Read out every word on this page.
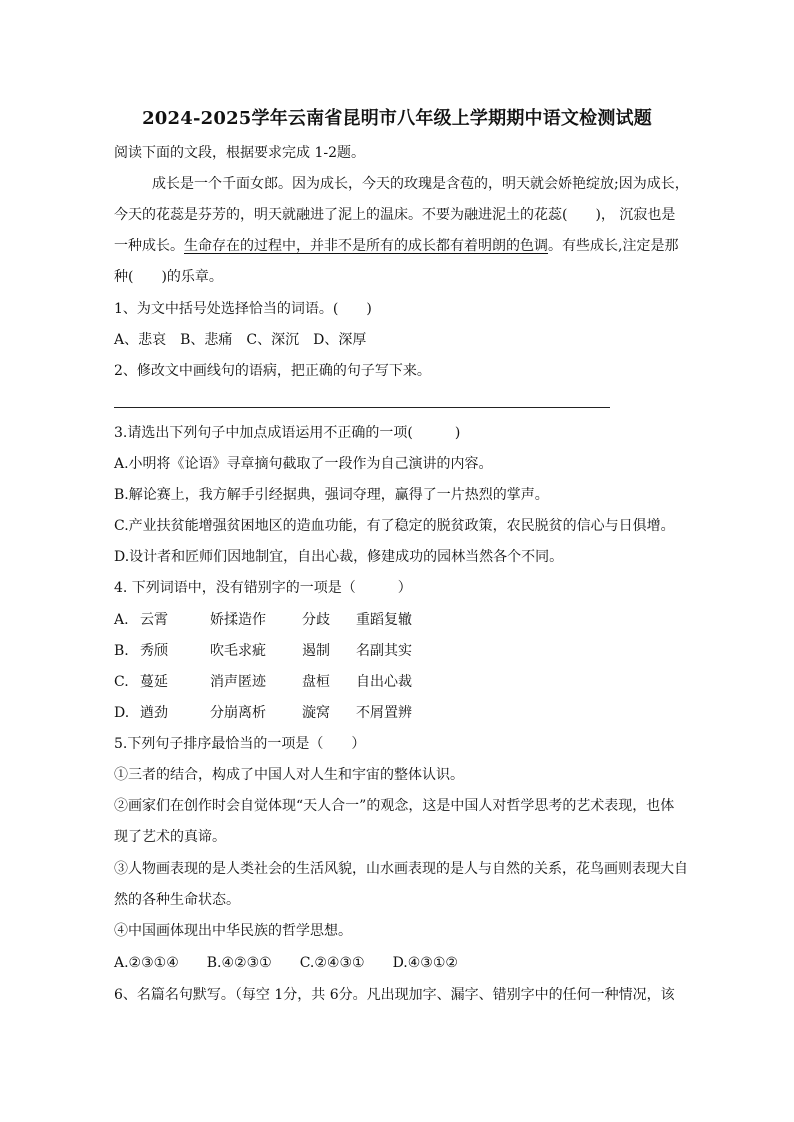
2024-2025学年云南省昆明市八年级上学期期中语文检测试题
阅读下面的文段，根据要求完成 1-2题。
成长是一个千面女郎。因为成长，今天的玫瑰是含苞的，明天就会娇艳绽放;因为成长，
今天的花蕊是芬芳的，明天就融进了泥上的温床。不要为融进泥土的花蕊(　　)， 沉寂也是
一种成长。生命存在的过程中，并非不是所有的成长都有着明朗的色调。有些成长,注定是那
种(　　)的乐章。
1、为文中括号处选择恰当的词语。(　　)
A、悲哀　B、悲痛　C、深沉　D、深厚
2、修改文中画线句的语病，把正确的句子写下来。
3.请选出下列句子中加点成语运用不正确的一项(　　　)
A.小明将《论语》寻章摘句截取了一段作为自己演讲的内容。
B.解论赛上，我方解手引经据典，强词夺理，赢得了一片热烈的掌声。
C.产业扶贫能增强贫困地区的造血功能，有了稳定的脱贫政策，农民脱贫的信心与日俱增。
D.设计者和匠师们因地制宜，自出心裁，修建成功的园林当然各个不同。
4. 下列词语中，没有错别字的一项是（　　　）
A. 云霄	娇揉造作	分歧 重蹈复辙
B. 秀颀	吹毛求疵	遏制 名副其实
C. 蔓延	消声匿迹	盘桓 自出心裁
D. 遒劲	分崩离析	漩窝 不屑置辨
5.下列句子排序最恰当的一项是（　　）
①三者的结合，构成了中国人对人生和宇宙的整体认识。
②画家们在创作时会自觉体现“天人合一”的观念，这是中国人对哲学思考的艺术表现，也体
现了艺术的真谛。
③人物画表现的是人类社会的生活风貌，山水画表现的是人与自然的关系，花鸟画则表现大自
然的各种生命状态。
④中国画体现出中华民族的哲学思想。
A.②③①④　　B.④②③①　　C.②④③①　　D.④③①②
6、名篇名句默写。（每空 1分，共 6分。凡出现加字、漏字、错别字中的任何一种情况，该
